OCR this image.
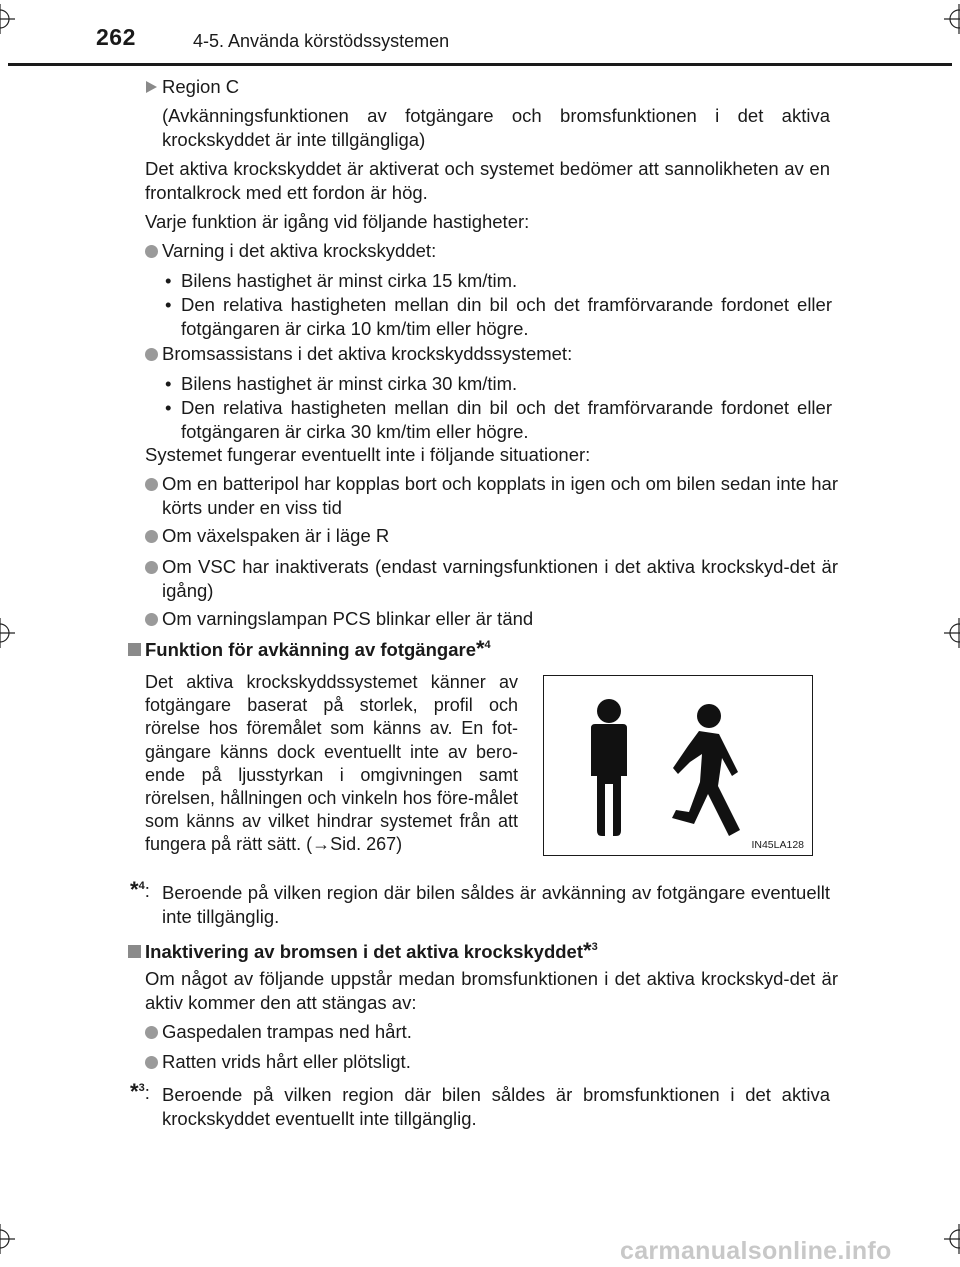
262	4-5. Använda körstödssystemen
Region C
(Avkänningsfunktionen av fotgängare och bromsfunktionen i det aktiva krockskyddet är inte tillgängliga)
Det aktiva krockskyddet är aktiverat och systemet bedömer att sannolikheten av en frontalkrock med ett fordon är hög.
Varje funktion är igång vid följande hastigheter:
Varning i det aktiva krockskyddet:
• Bilens hastighet är minst cirka 15 km/tim.
• Den relativa hastigheten mellan din bil och det framförvarande fordonet eller fotgängaren är cirka 10 km/tim eller högre.
Bromsassistans i det aktiva krockskyddssystemet:
• Bilens hastighet är minst cirka 30 km/tim.
• Den relativa hastigheten mellan din bil och det framförvarande fordonet eller fotgängaren är cirka 30 km/tim eller högre.
Systemet fungerar eventuellt inte i följande situationer:
Om en batteripol har kopplas bort och kopplats in igen och om bilen sedan inte har körts under en viss tid
Om växelspaken är i läge R
Om VSC har inaktiverats (endast varningsfunktionen i det aktiva krockskyd-det är igång)
Om varningslampan PCS blinkar eller är tänd
Funktion för avkänning av fotgängare*$^4$
Det aktiva krockskyddssystemet känner av fotgängare baserat på storlek, profil och rörelse hos föremålet som känns av. En fot-gängare känns dock eventuellt inte av bero-ende på ljusstyrkan i omgivningen samt rörelsen, hållningen och vinkeln hos före-målet som känns av vilket hindrar systemet från att fungera på rätt sätt. (→Sid. 267)	IN45LA128
*$^4$: Beroende på vilken region där bilen såldes är avkänning av fotgängare eventuellt inte tillgänglig.
Inaktivering av bromsen i det aktiva krockskyddet*$^3$
Om något av följande uppstår medan bromsfunktionen i det aktiva krockskyd-det är aktiv kommer den att stängas av:
Gaspedalen trampas ned hårt.
Ratten vrids hårt eller plötsligt.
*$^3$: Beroende på vilken region där bilen såldes är bromsfunktionen i det aktiva krockskyddet eventuellt inte tillgänglig.
carmanualsonline.info
